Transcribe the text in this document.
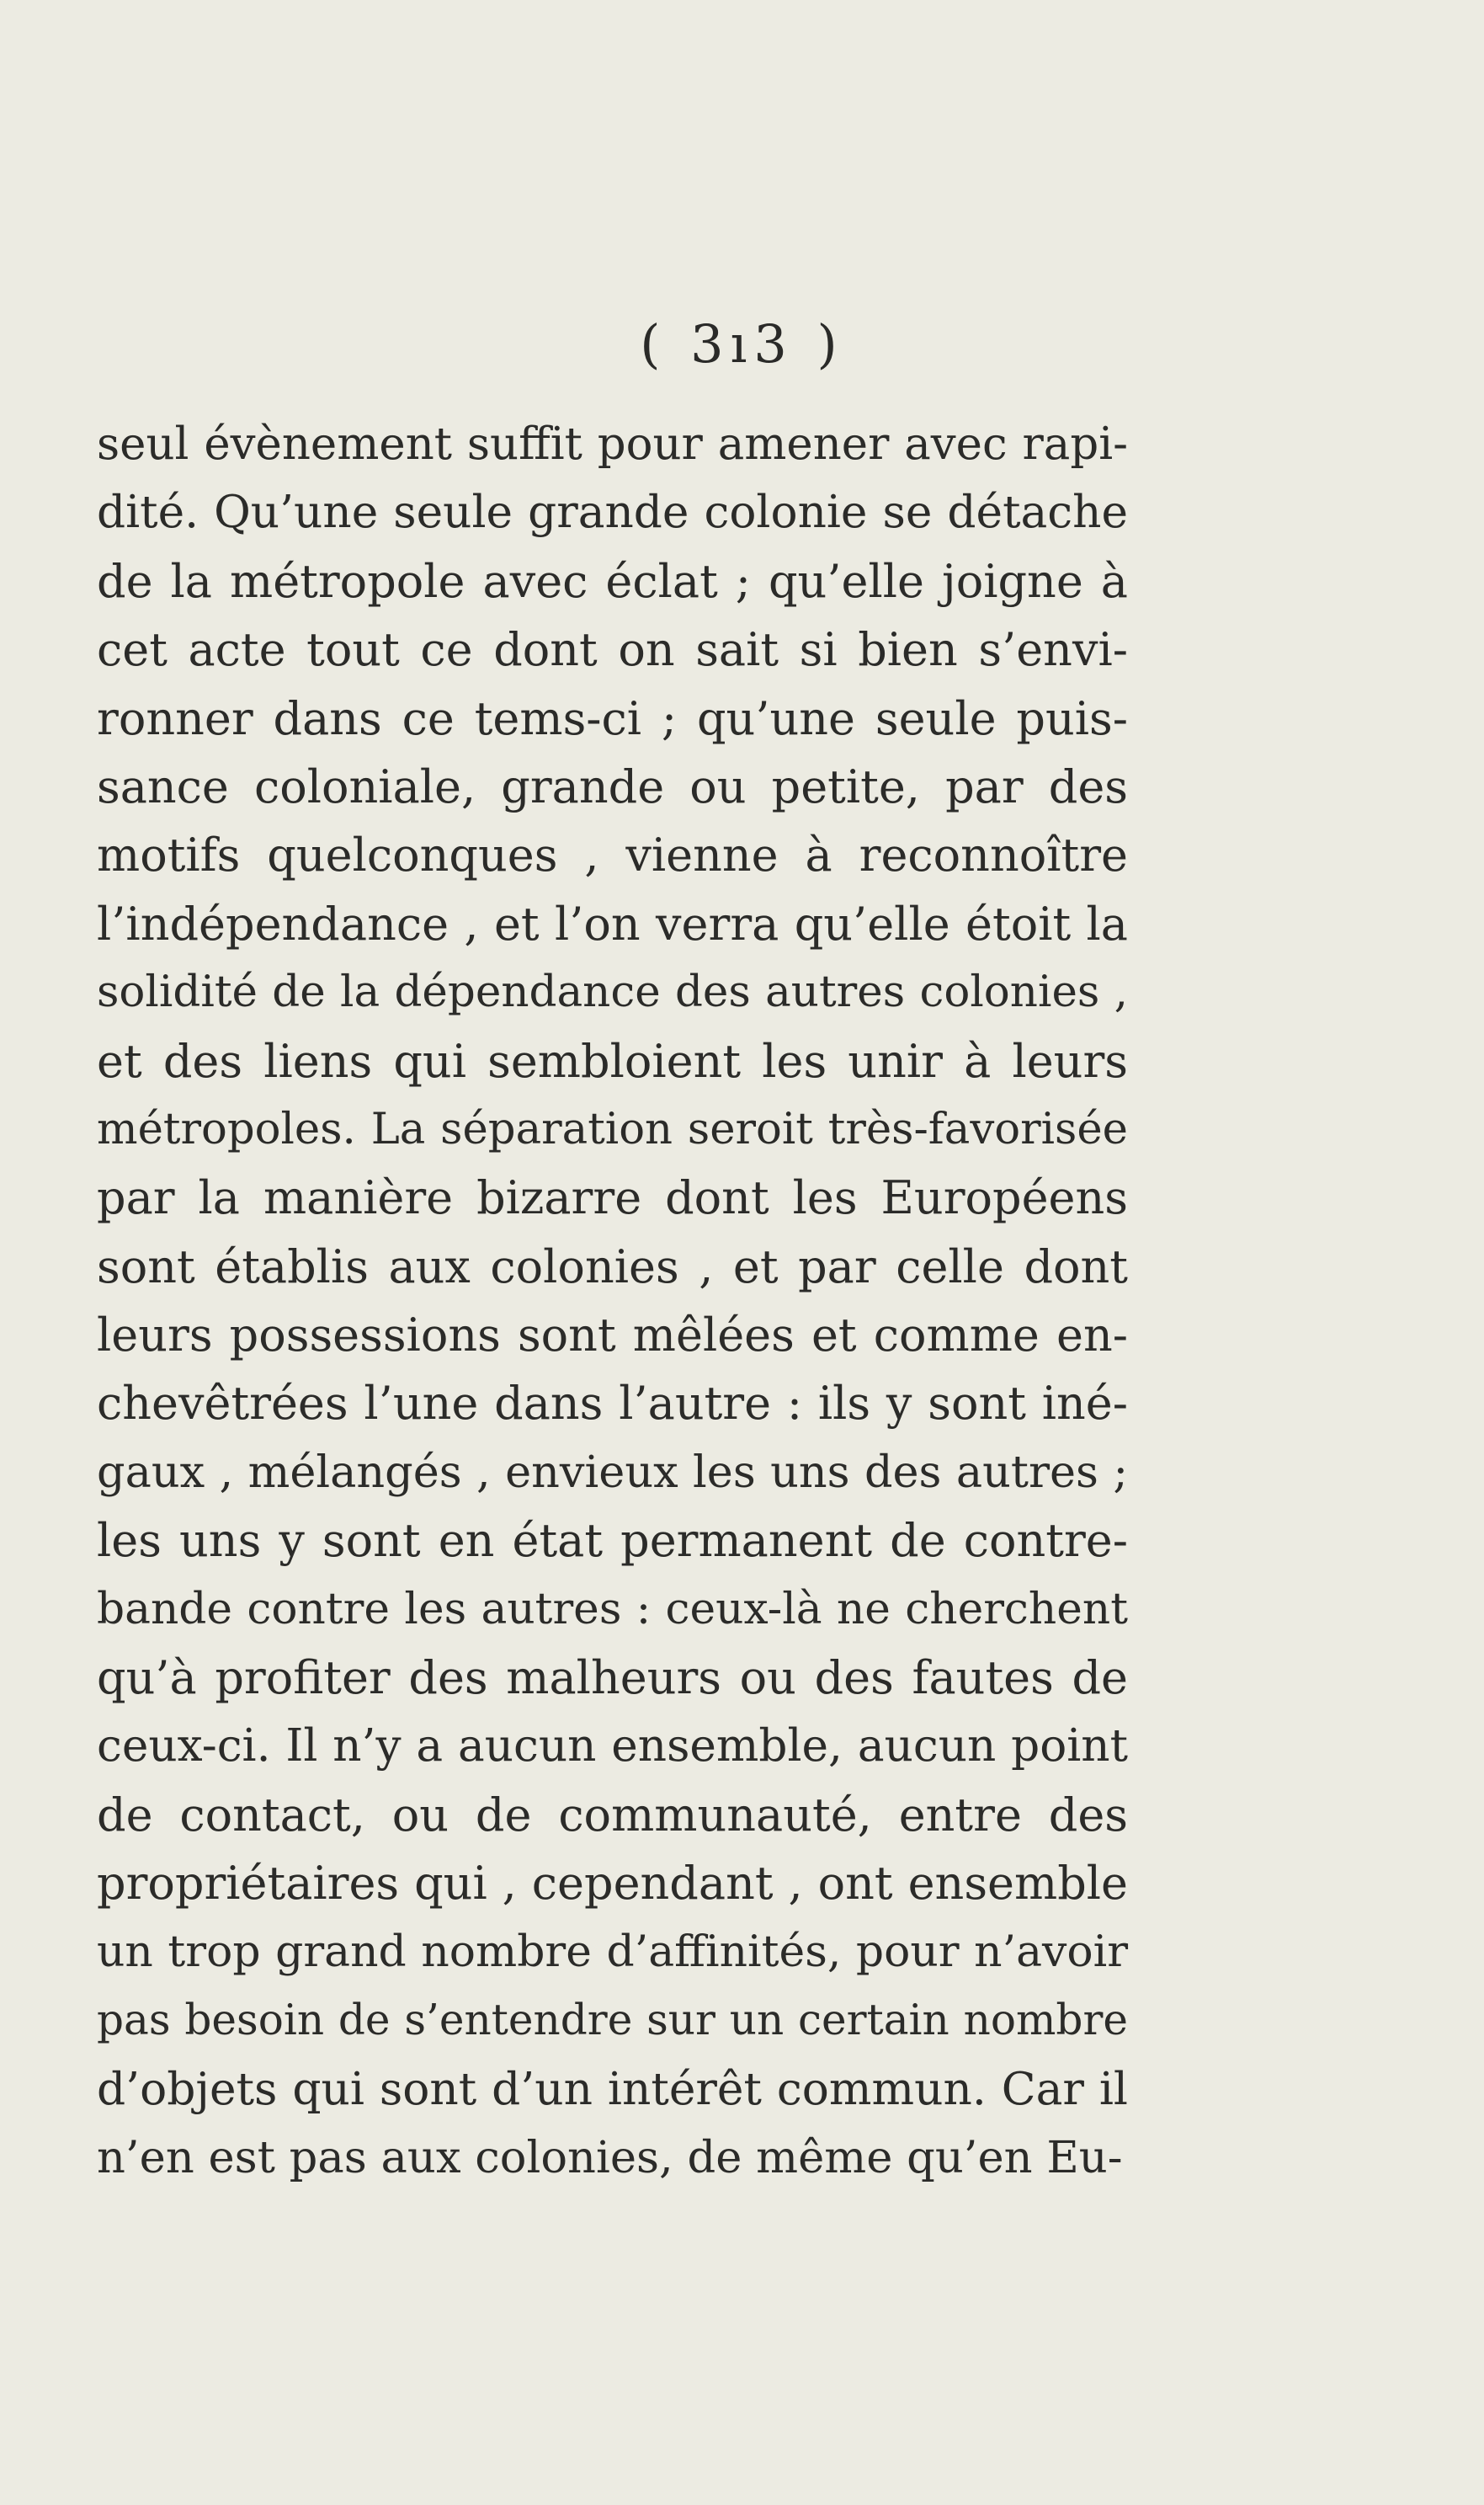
( 3ı3 )
seul évènement suffit pour amener avec rapi-
dité. Qu’une seule grande colonie se détache
de la métropole avec éclat ; qu’elle joigne à
cet acte tout ce dont on sait si bien s’envi-
ronner dans ce tems-ci ; qu’une seule puis-
sance coloniale, grande ou petite, par des
motifs quelconques , vienne à reconnoître
l’indépendance , et l’on verra qu’elle étoit la
solidité de la dépendance des autres colonies ,
et des liens qui sembloient les unir à leurs
métropoles. La séparation seroit très-favorisée
par la manière bizarre dont les Européens
sont établis aux colonies , et par celle dont
leurs possessions sont mêlées et comme en-
chevêtrées l’une dans l’autre : ils y sont iné-
gaux , mélangés , envieux les uns des autres ;
les uns y sont en état permanent de contre-
bande contre les autres : ceux-là ne cherchent
qu’à profiter des malheurs ou des fautes de
ceux-ci. Il n’y a aucun ensemble, aucun point
de contact, ou de communauté, entre des
propriétaires qui , cependant , ont ensemble
un trop grand nombre d’affinités, pour n’avoir
pas besoin de s’entendre sur un certain nombre
d’objets qui sont d’un intérêt commun. Car il
n’en est pas aux colonies, de même qu’en Eu-
